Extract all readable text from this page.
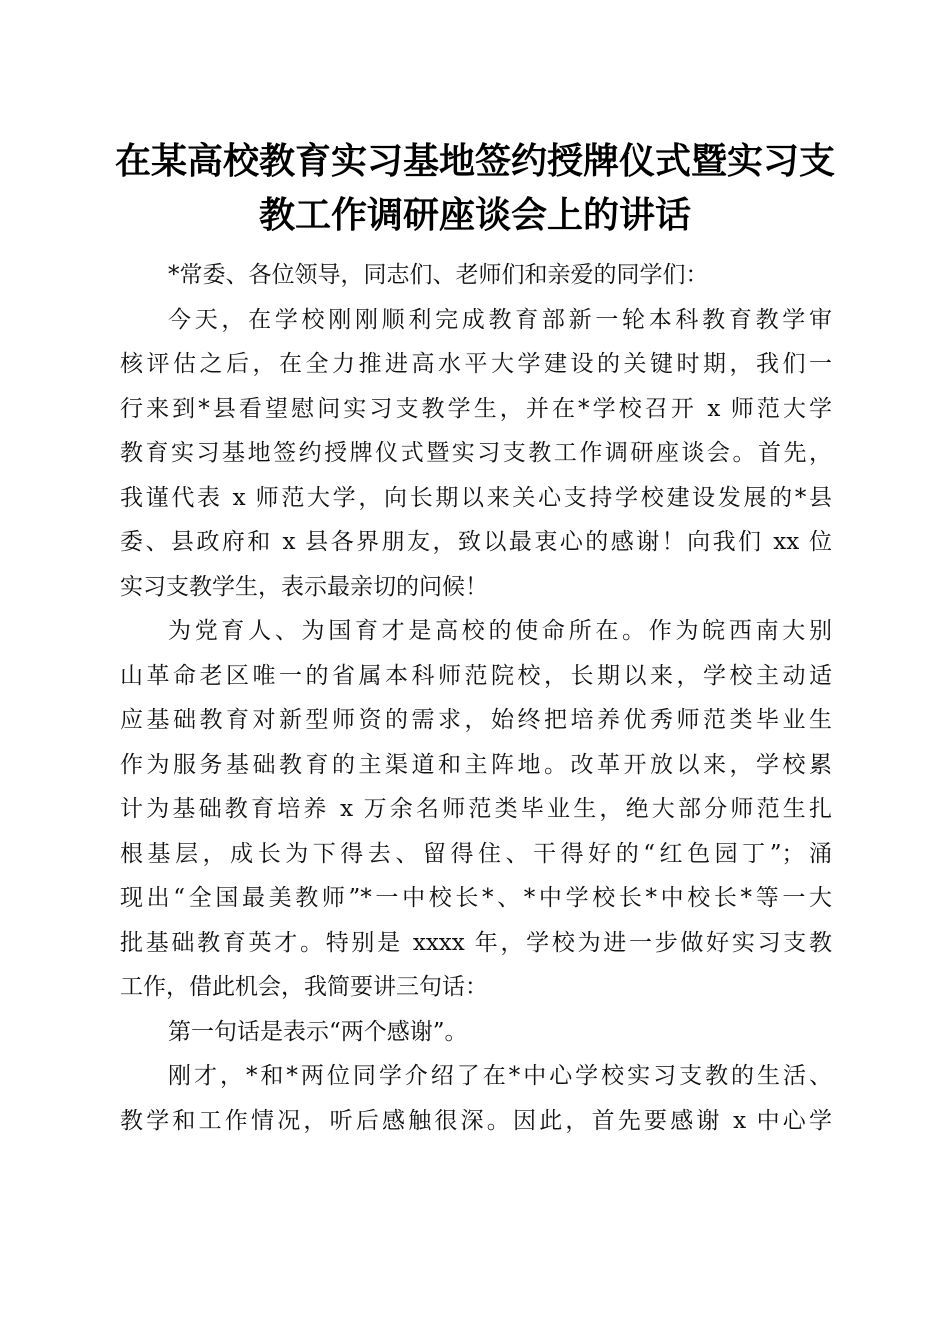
在某高校教育实习基地签约授牌仪式暨实习支
教工作调研座谈会上的讲话
*常委、各位领导，同志们、老师们和亲爱的同学们：
今天，在学校刚刚顺利完成教育部新一轮本科教育教学审
核评估之后，在全力推进高水平大学建设的关键时期，我们一
行来到*县看望慰问实习支教学生，并在*学校召开 x 师范大学
教育实习基地签约授牌仪式暨实习支教工作调研座谈会。首先，
我谨代表 x 师范大学，向长期以来关心支持学校建设发展的*县
委、县政府和 x 县各界朋友，致以最衷心的感谢！向我们 xx 位
实习支教学生，表示最亲切的问候！
为党育人、为国育才是高校的使命所在。作为皖西南大别
山革命老区唯一的省属本科师范院校，长期以来，学校主动适
应基础教育对新型师资的需求，始终把培养优秀师范类毕业生
作为服务基础教育的主渠道和主阵地。改革开放以来，学校累
计为基础教育培养 x 万余名师范类毕业生，绝大部分师范生扎
根基层，成长为下得去、留得住、干得好的“红色园丁”；涌
现出“全国最美教师”*一中校长*、*中学校长*中校长*等一大
批基础教育英才。特别是 xxxx 年，学校为进一步做好实习支教
工作，借此机会，我简要讲三句话：
第一句话是表示“两个感谢”。
刚才，*和*两位同学介绍了在*中心学校实习支教的生活、
教学和工作情况，听后感触很深。因此，首先要感谢 x 中心学
